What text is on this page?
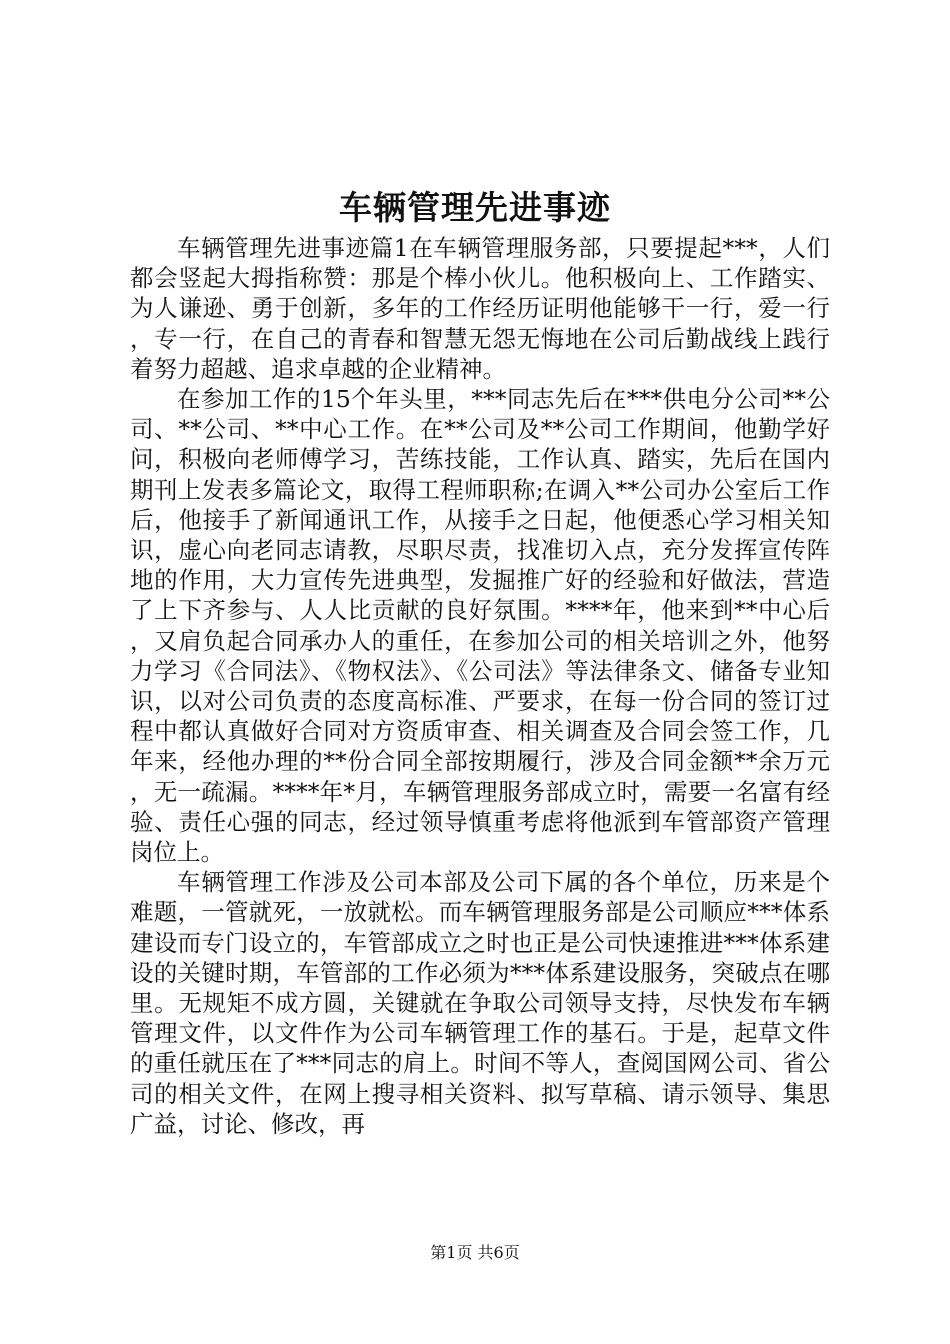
车辆管理先进事迹

车辆管理先进事迹篇1在车辆管理服务部，只要提起***，人们都会竖起大拇指称赞：那是个棒小伙儿。他积极向上、工作踏实、为人谦逊、勇于创新，多年的工作经历证明他能够干一行，爱一行，专一行，在自己的青春和智慧无怨无悔地在公司后勤战线上践行着努力超越、追求卓越的企业精神。

在参加工作的15个年头里，***同志先后在***供电分公司**公司、**公司、**中心工作。在**公司及**公司工作期间，他勤学好问，积极向老师傅学习，苦练技能，工作认真、踏实，先后在国内期刊上发表多篇论文，取得工程师职称;在调入**公司办公室后工作后，他接手了新闻通讯工作，从接手之日起，他便悉心学习相关知识，虚心向老同志请教，尽职尽责，找准切入点，充分发挥宣传阵地的作用，大力宣传先进典型，发掘推广好的经验和好做法，营造了上下齐参与、人人比贡献的良好氛围。****年，他来到**中心后，又肩负起合同承办人的重任，在参加公司的相关培训之外，他努力学习《合同法》、《物权法》、《公司法》等法律条文、储备专业知识，以对公司负责的态度高标准、严要求，在每一份合同的签订过程中都认真做好合同对方资质审查、相关调查及合同会签工作，几年来，经他办理的**份合同全部按期履行，涉及合同金额**余万元，无一疏漏。****年*月，车辆管理服务部成立时，需要一名富有经验、责任心强的同志，经过领导慎重考虑将他派到车管部资产管理岗位上。

车辆管理工作涉及公司本部及公司下属的各个单位，历来是个难题，一管就死，一放就松。而车辆管理服务部是公司顺应***体系建设而专门设立的，车管部成立之时也正是公司快速推进***体系建设的关键时期，车管部的工作必须为***体系建设服务，突破点在哪里。无规矩不成方圆，关键就在争取公司领导支持，尽快发布车辆管理文件，以文件作为公司车辆管理工作的基石。于是，起草文件的重任就压在了***同志的肩上。时间不等人，查阅国网公司、省公司的相关文件，在网上搜寻相关资料、拟写草稿、请示领导、集思广益，讨论、修改，再

第1页 共6页
